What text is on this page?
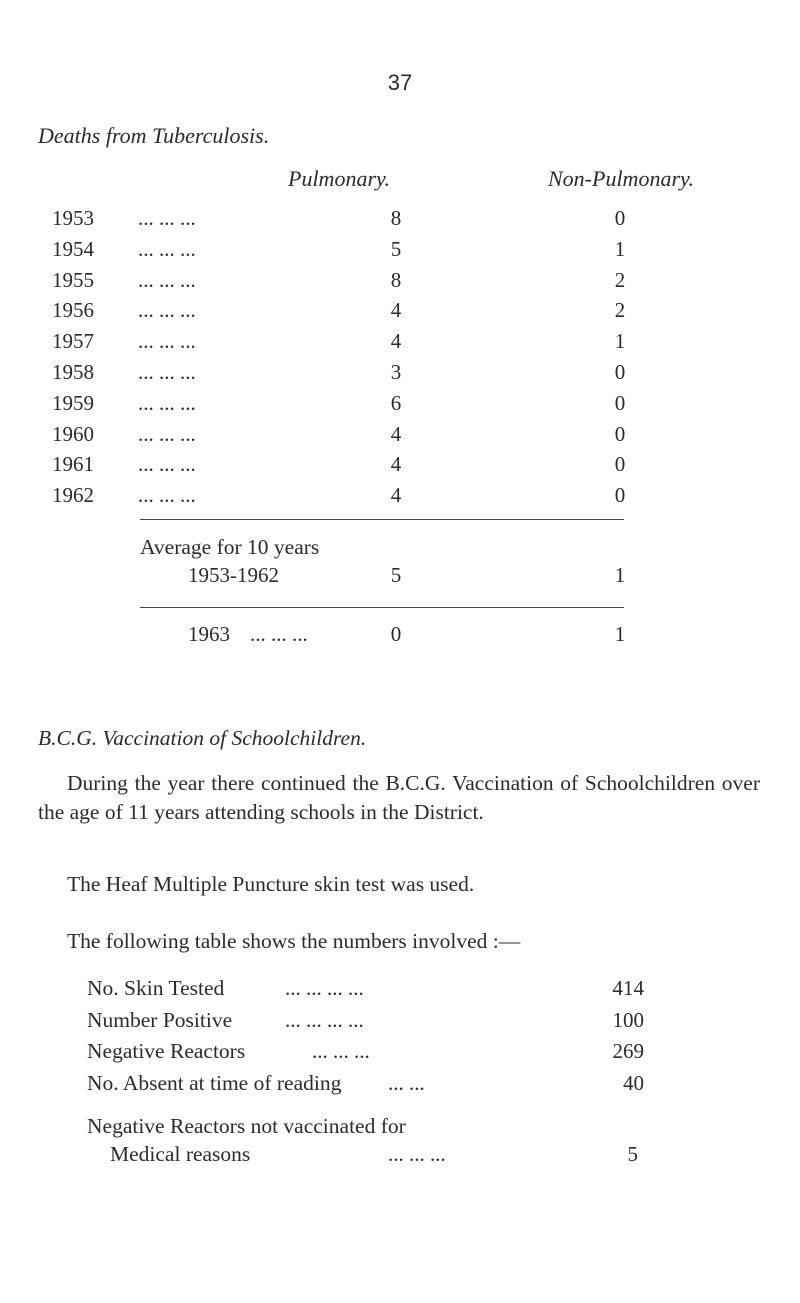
37
Deaths from Tuberculosis.
Pulmonary.	Non-Pulmonary.
1953	... ... ...	8	0
1954	... ... ...	5	1
1955	... ... ...	8	2
1956	... ... ...	4	2
1957	... ... ...	4	1
1958	... ... ...	3	0
1959	... ... ...	6	0
1960	... ... ...	4	0
1961	... ... ...	4	0
1962	... ... ...	4	0
Average for 10 years
1953-1962	5	1
1963 ... ... ...	0	1
B.C.G. Vaccination of Schoolchildren.
During the year there continued the B.C.G. Vaccination of Schoolchildren over the age of 11 years attending schools in the District.
The Heaf Multiple Puncture skin test was used.
The following table shows the numbers involved :—
No. Skin Tested	... ... ... ...	414
Number Positive	... ... ... ...	100
Negative Reactors	... ... ...	269
No. Absent at time of reading ... ...	40
Negative Reactors not vaccinated for
Medical reasons	... ... ...	5
